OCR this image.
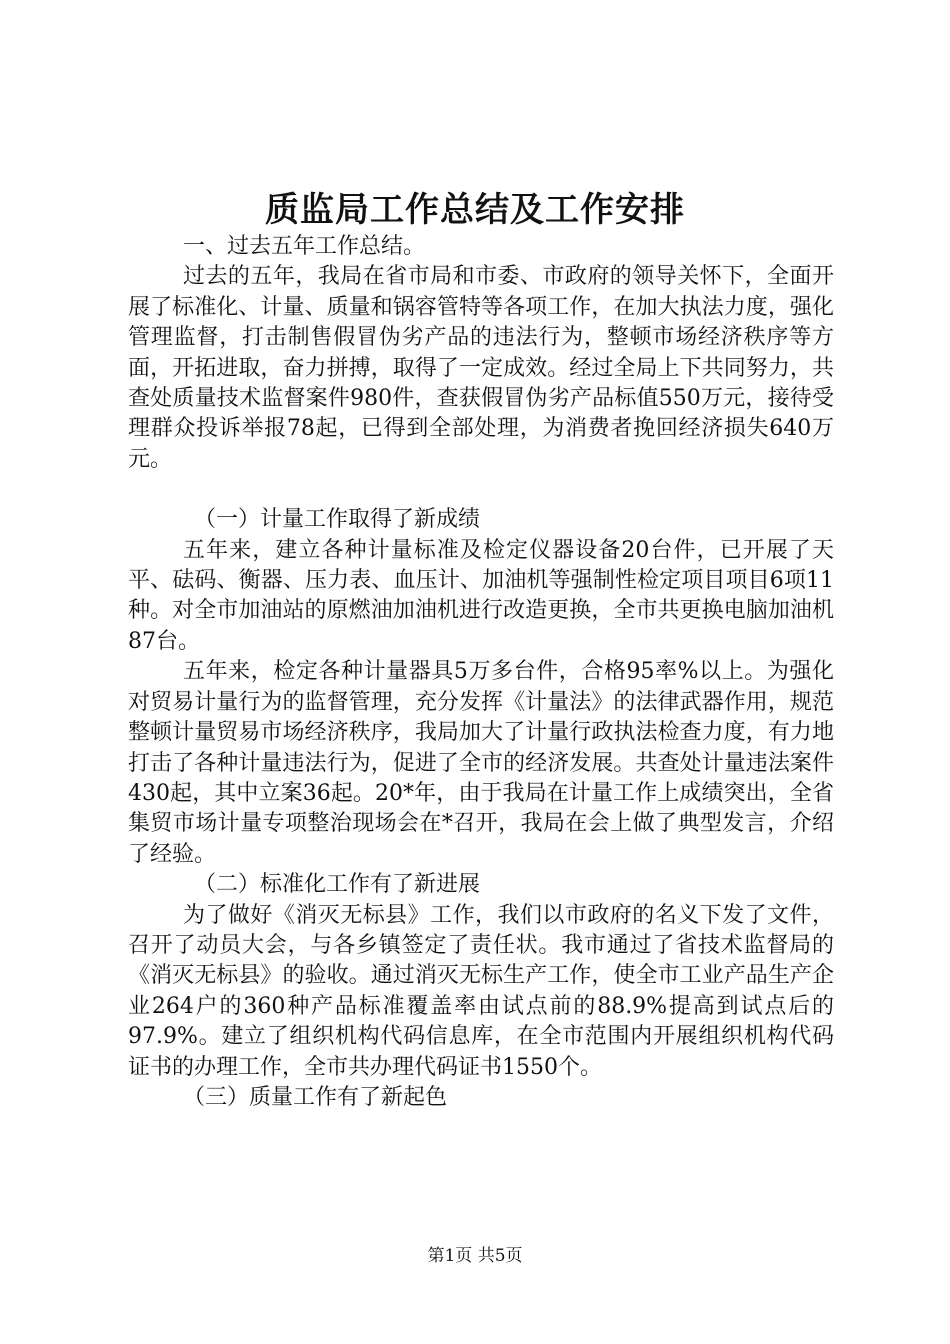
质监局工作总结及工作安排

一、过去五年工作总结。

过去的五年，我局在省市局和市委、市政府的领导关怀下，全面开展了标准化、计量、质量和锅容管特等各项工作，在加大执法力度，强化管理监督，打击制售假冒伪劣产品的违法行为，整顿市场经济秩序等方面，开拓进取，奋力拼搏，取得了一定成效。经过全局上下共同努力，共查处质量技术监督案件980件，查获假冒伪劣产品标值550万元，接待受理群众投诉举报78起，已得到全部处理，为消费者挽回经济损失640万元。

（一）计量工作取得了新成绩

五年来，建立各种计量标准及检定仪器设备20台件，已开展了天平、砝码、衡器、压力表、血压计、加油机等强制性检定项目项目6项11种。对全市加油站的原燃油加油机进行改造更换，全市共更换电脑加油机87台。

五年来，检定各种计量器具5万多台件，合格95率%以上。为强化对贸易计量行为的监督管理，充分发挥《计量法》的法律武器作用，规范整顿计量贸易市场经济秩序，我局加大了计量行政执法检查力度，有力地打击了各种计量违法行为，促进了全市的经济发展。共查处计量违法案件430起，其中立案36起。20*年，由于我局在计量工作上成绩突出，全省集贸市场计量专项整治现场会在*召开，我局在会上做了典型发言，介绍了经验。

（二）标准化工作有了新进展

为了做好《消灭无标县》工作，我们以市政府的名义下发了文件，召开了动员大会，与各乡镇签定了责任状。我市通过了省技术监督局的《消灭无标县》的验收。通过消灭无标生产工作，使全市工业产品生产企业264户的360种产品标准覆盖率由试点前的88.9%提高到试点后的97.9%。建立了组织机构代码信息库，在全市范围内开展组织机构代码证书的办理工作，全市共办理代码证书1550个。

（三）质量工作有了新起色

第1页 共5页
